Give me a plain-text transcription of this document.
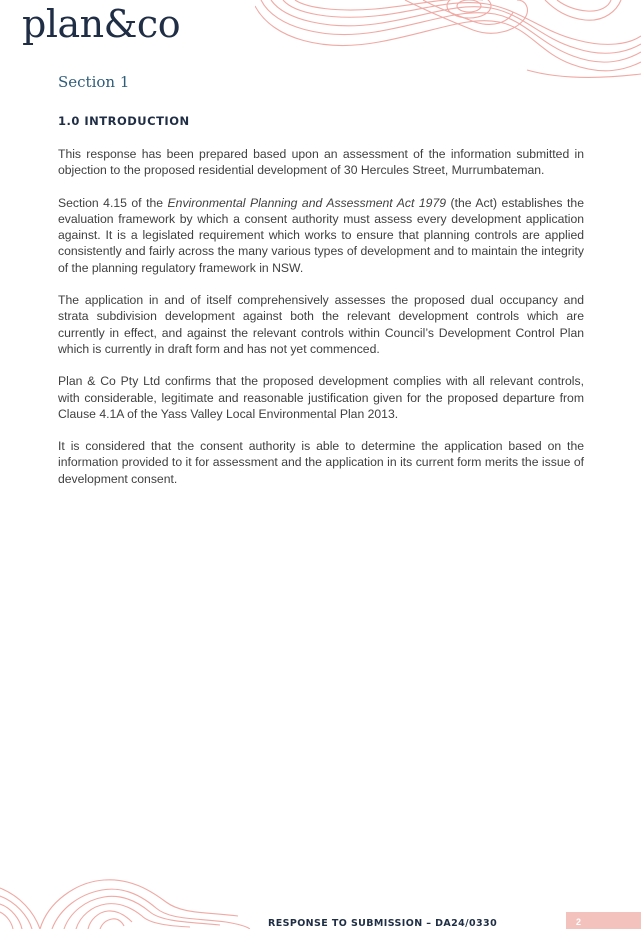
plan&co
Section 1
1.0 INTRODUCTION

This response has been prepared based upon an assessment of the information submitted in objection to the proposed residential development of 30 Hercules Street, Murrumbateman.

Section 4.15 of the Environmental Planning and Assessment Act 1979 (the Act) establishes the evaluation framework by which a consent authority must assess every development application against. It is a legislated requirement which works to ensure that planning controls are applied consistently and fairly across the many various types of development and to maintain the integrity of the planning regulatory framework in NSW.

The application in and of itself comprehensively assesses the proposed dual occupancy and strata subdivision development against both the relevant development controls which are currently in effect, and against the relevant controls within Council’s Development Control Plan which is currently in draft form and has not yet commenced.

Plan & Co Pty Ltd confirms that the proposed development complies with all relevant controls, with considerable, legitimate and reasonable justification given for the proposed departure from Clause 4.1A of the Yass Valley Local Environmental Plan 2013.

It is considered that the consent authority is able to determine the application based on the information provided to it for assessment and the application in its current form merits the issue of development consent.

RESPONSE TO SUBMISSION – DA24/0330	2
